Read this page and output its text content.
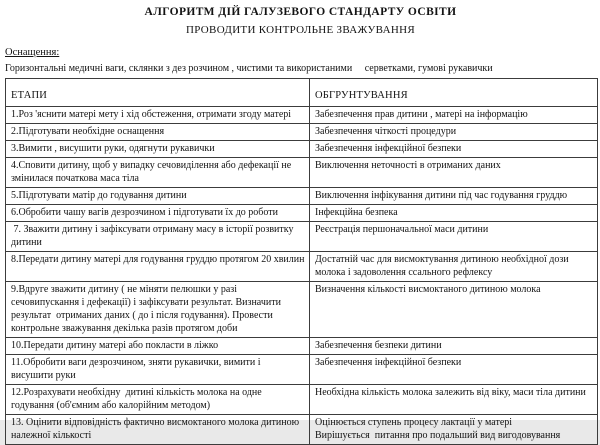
АЛГОРИТМ ДІЙ ГАЛУЗЕВОГО СТАНДАРТУ ОСВІТИ
ПРОВОДИТИ КОНТРОЛЬНЕ ЗВАЖУВАННЯ
Оснащення:
Горизонтальні медичні ваги, склянки з дез розчином , чистими та використаними     серветками, гумові рукавички
ЕТАПИ	ОБГРУНТУВАННЯ
1.Роз 'яснити матері мету і хід обстеження, отримати згоду матері	Забезпечення прав дитини , матері на інформацію
2.Підготувати необхідне оснащення	Забезпечення чіткості процедури
3.Вимити , висушити руки, одягнути рукавички	Забезпечення інфекційної безпеки
4.Сповити дитину, щоб у випадку сечовиділення або дефекації не змінилася початкова маса тіла	Виключення неточності в отриманих даних
5.Підготувати матір до годування дитини	Виключення інфікування дитини під час годування груддю
6.Обробити чашу вагів дезрозчином і підготувати їх до роботи	Інфекційна безпека
7. Зважити дитину і зафіксувати отриману масу в історії розвитку дитини	Реєстрація першоначальної маси дитини
8.Передати дитину матері для годування груддю протягом 20 хвилин	Достатній час для висмоктування дитиною необхідної дози молока і задоволення ссального рефлексу
9.Вдруге зважити дитину ( не міняти пелюшки у разі сечовипускання і дефекації) і зафіксувати результат. Визначити результат  отриманих даних ( до і після годування). Провести контрольне зважування декілька разів протягом доби	Визначення кількості висмоктаного дитиною молока
10.Передати дитину матері або покласти в ліжко	Забезпечення безпеки дитини
11.Обробити ваги дезрозчином, зняти рукавички, вимити і висушити руки	Забезпечення інфекційної безпеки
12.Розрахувати необхідну  дитині кількість молока на одне годування (об'ємним або калорійним методом)	Необхідна кількість молока залежить від віку, маси тіла дитини
13. Оцінити відповідність фактично висмоктаного молока дитиною належної кількості	Оцінюється ступень процесу лактації у матері
Вирішується  питання про подальший вид вигодовування
